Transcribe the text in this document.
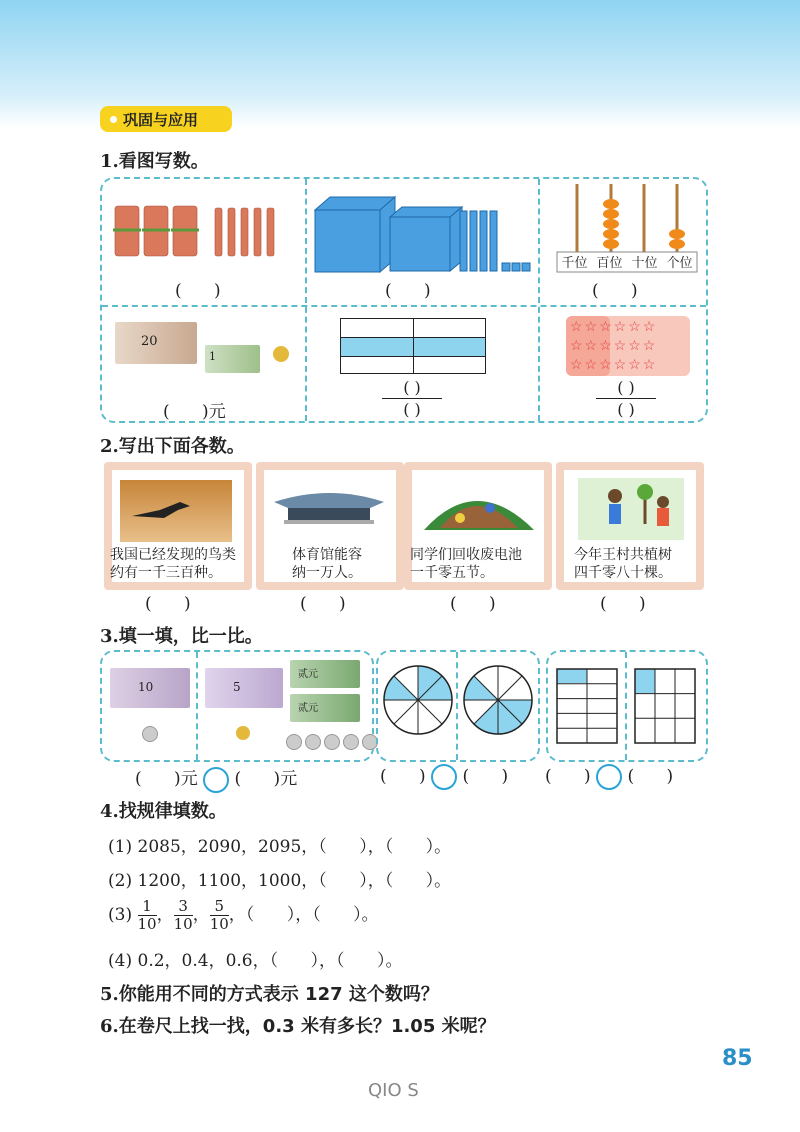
巩固与应用
1.看图写数。
(      )	(      )
千位 百位 十位 个位
(      )
20
1
(      )元
( )
( )
☆☆☆☆☆☆
☆☆☆☆☆☆
☆☆☆☆☆☆
( )
( )
2.写出下面各数。
我国已经发现的鸟类
约有一千三百种。
体育馆能容
纳一万人。
同学们回收废电池
一千零五节。
今年王村共植树
四千零八十棵。
(      )	(      )	(      )	(      )
3.填一填，比一比。
10	5
贰元
贰元
(      )元 (      )元	(      ) (      ) (      ) (      )
4.找规律填数。
(1) 2085，2090，2095，（      ），（      ）。
(2) 1200，1100，1000，（      ），（      ）。
$(3) \frac{1}{10}$ ， $\frac{3}{10}$ ， $\frac{5}{10}$ ，（      ），（      ）。
(4) 0.2，0.4，0.6，（      ），（      ）。
5.你能用不同的方式表示 127 这个数吗？
6.在卷尺上找一找，0.3 米有多长？1.05 米呢？
85
QIO S
